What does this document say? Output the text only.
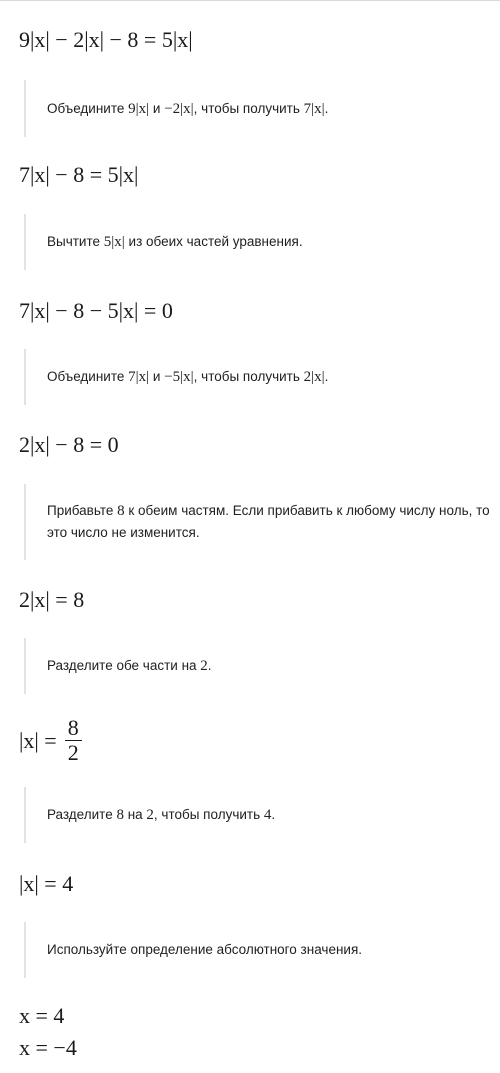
9|x| − 2|x| − 8 = 5|x|
Объедините 9|x| и −2|x|, чтобы получить 7|x|.
7|x| − 8 = 5|x|
Вычтите 5|x| из обеих частей уравнения.
7|x| − 8 − 5|x| = 0
Объедините 7|x| и −5|x|, чтобы получить 2|x|.
2|x| − 8 = 0
Прибавьте 8 к обеим частям. Если прибавить к любому числу ноль, то это число не изменится.
2|x| = 8
Разделите обе части на 2.
$|x| = \frac{8}{2}$
Разделите 8 на 2, чтобы получить 4.
|x| = 4
Используйте определение абсолютного значения.
x = 4
x = −4
